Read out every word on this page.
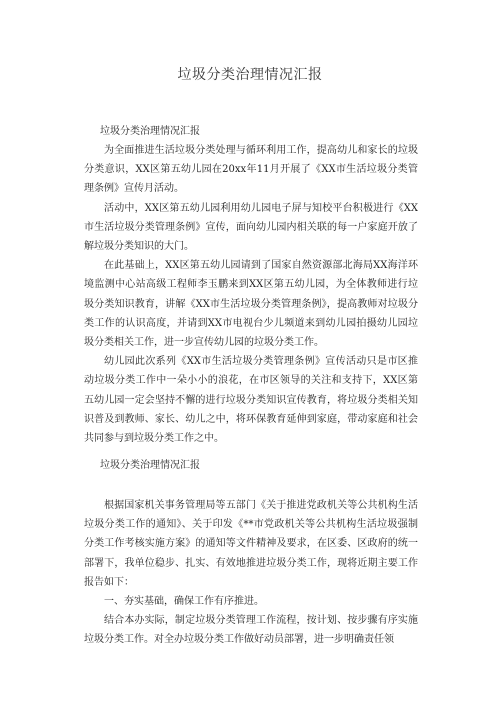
垃圾分类治理情况汇报
垃圾分类治理情况汇报

为全面推进生活垃圾分类处理与循环利用工作，提高幼儿和家长的垃圾分类意识，XX区第五幼儿园在20xx年11月开展了《XX市生活垃圾分类管理条例》宣传月活动。

活动中，XX区第五幼儿园利用幼儿园电子屏与知校平台积极进行《XX市生活垃圾分类管理条例》宣传，面向幼儿园内相关联的每一户家庭开放了解垃圾分类知识的大门。

在此基础上，XX区第五幼儿园请到了国家自然资源部北海局XX海洋环境监测中心站高级工程师李玉鹏来到XX区第五幼儿园，为全体教师进行垃圾分类知识教育，讲解《XX市生活垃圾分类管理条例》，提高教师对垃圾分类工作的认识高度，并请到XX市电视台少儿频道来到幼儿园拍摄幼儿园垃圾分类相关工作，进一步宣传幼儿园的垃圾分类工作。

幼儿园此次系列《XX市生活垃圾分类管理条例》宣传活动只是市区推动垃圾分类工作中一朵小小的浪花，在市区领导的关注和支持下，XX区第五幼儿园一定会坚持不懈的进行垃圾分类知识宣传教育，将垃圾分类相关知识普及到教师、家长、幼儿之中，将环保教育延伸到家庭，带动家庭和社会共同参与到垃圾分类工作之中。

垃圾分类治理情况汇报

根据国家机关事务管理局等五部门《关于推进党政机关等公共机构生活垃圾分类工作的通知》、关于印发《**市党政机关等公共机构生活垃圾强制分类工作考核实施方案》的通知等文件精神及要求，在区委、区政府的统一部署下，我单位稳步、扎实、有效地推进垃圾分类工作，现将近期主要工作报告如下：

一、夯实基础，确保工作有序推进。

结合本办实际，制定垃圾分类管理工作流程，按计划、按步骤有序实施垃圾分类工作。对全办垃圾分类工作做好动员部署，进一步明确责任领
